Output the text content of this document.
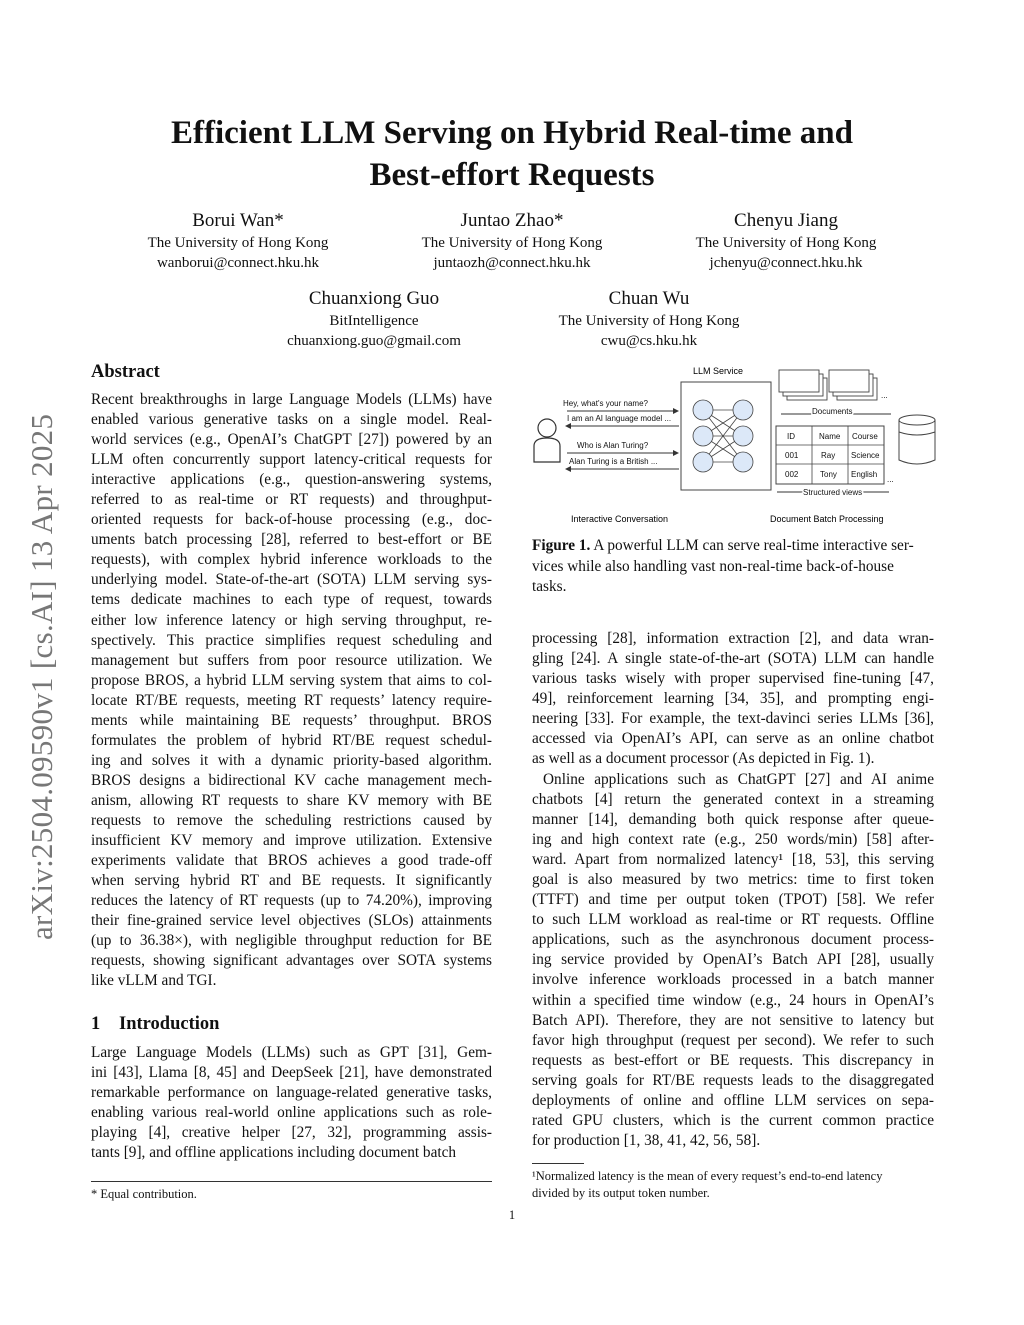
arXiv:2504.09590v1 [cs.AI] 13 Apr 2025
Efficient LLM Serving on Hybrid Real-time and
Best-effort Requests
Borui Wan*
The University of Hong Kong
wanborui@connect.hku.hk
Juntao Zhao*
The University of Hong Kong
juntaozh@connect.hku.hk
Chenyu Jiang
The University of Hong Kong
jchenyu@connect.hku.hk
Chuanxiong Guo
BitIntelligence
chuanxiong.guo@gmail.com
Chuan Wu
The University of Hong Kong
cwu@cs.hku.hk
Abstract
Recent breakthroughs in large Language Models (LLMs) have
enabled various generative tasks on a single model. Real-
world services (e.g., OpenAI’s ChatGPT [27]) powered by an
LLM often concurrently support latency-critical requests for
interactive applications (e.g., question-answering systems,
referred to as real-time or RT requests) and throughput-
oriented requests for back-of-house processing (e.g., doc-
uments batch processing [28], referred to best-effort or BE
requests), with complex hybrid inference workloads to the
underlying model. State-of-the-art (SOTA) LLM serving sys-
tems dedicate machines to each type of request, towards
either low inference latency or high serving throughput, re-
spectively. This practice simplifies request scheduling and
management but suffers from poor resource utilization. We
propose BROS, a hybrid LLM serving system that aims to col-
locate RT/BE requests, meeting RT requests’ latency require-
ments while maintaining BE requests’ throughput. BROS
formulates the problem of hybrid RT/BE request schedul-
ing and solves it with a dynamic priority-based algorithm.
BROS designs a bidirectional KV cache management mech-
anism, allowing RT requests to share KV memory with BE
requests to remove the scheduling restrictions caused by
insufficient KV memory and improve utilization. Extensive
experiments validate that BROS achieves a good trade-off
when serving hybrid RT and BE requests. It significantly
reduces the latency of RT requests (up to 74.20%), improving
their fine-grained service level objectives (SLOs) attainments
(up to 36.38×), with negligible throughput reduction for BE
requests, showing significant advantages over SOTA systems
like vLLM and TGI.
1 Introduction
Large Language Models (LLMs) such as GPT [31], Gem-
ini [43], Llama [8, 45] and DeepSeek [21], have demonstrated
remarkable performance on language-related generative tasks,
enabling various real-world online applications such as role-
playing [4], creative helper [27, 32], programming assis-
tants [9], and offline applications including document batch
* Equal contribution.
Hey, what's your name?
I am an AI language model ...
Who is Alan Turing?
Alan Turing is a British ...
LLM Service
...
Documents
ID	Name Course
001	Ray Science
002	Tony English
...
Structured views
Interactive Conversation	Document Batch Processing
Figure 1. A powerful LLM can serve real-time interactive ser-
vices while also handling vast non-real-time back-of-house
tasks.
processing [28], information extraction [2], and data wran-
gling [24]. A single state-of-the-art (SOTA) LLM can handle
various tasks wisely with proper supervised fine-tuning [47,
49], reinforcement learning [34, 35], and prompting engi-
neering [33]. For example, the text-davinci series LLMs [36],
accessed via OpenAI’s API, can serve as an online chatbot
as well as a document processor (As depicted in Fig. 1).
Online applications such as ChatGPT [27] and AI anime
chatbots [4] return the generated context in a streaming
manner [14], demanding both quick response after queue-
ing and high context rate (e.g., 250 words/min) [58] after-
ward. Apart from normalized latency¹ [18, 53], this serving
goal is also measured by two metrics: time to first token
(TTFT) and time per output token (TPOT) [58]. We refer
to such LLM workload as real-time or RT requests. Offline
applications, such as the asynchronous document process-
ing service provided by OpenAI’s Batch API [28], usually
involve inference workloads processed in a batch manner
within a specified time window (e.g., 24 hours in OpenAI’s
Batch API). Therefore, they are not sensitive to latency but
favor high throughput (request per second). We refer to such
requests as best-effort or BE requests. This discrepancy in
serving goals for RT/BE requests leads to the disaggregated
deployments of online and offline LLM services on sepa-
rated GPU clusters, which is the current common practice
for production [1, 38, 41, 42, 56, 58].
¹Normalized latency is the mean of every request’s end-to-end latency
divided by its output token number.
1
